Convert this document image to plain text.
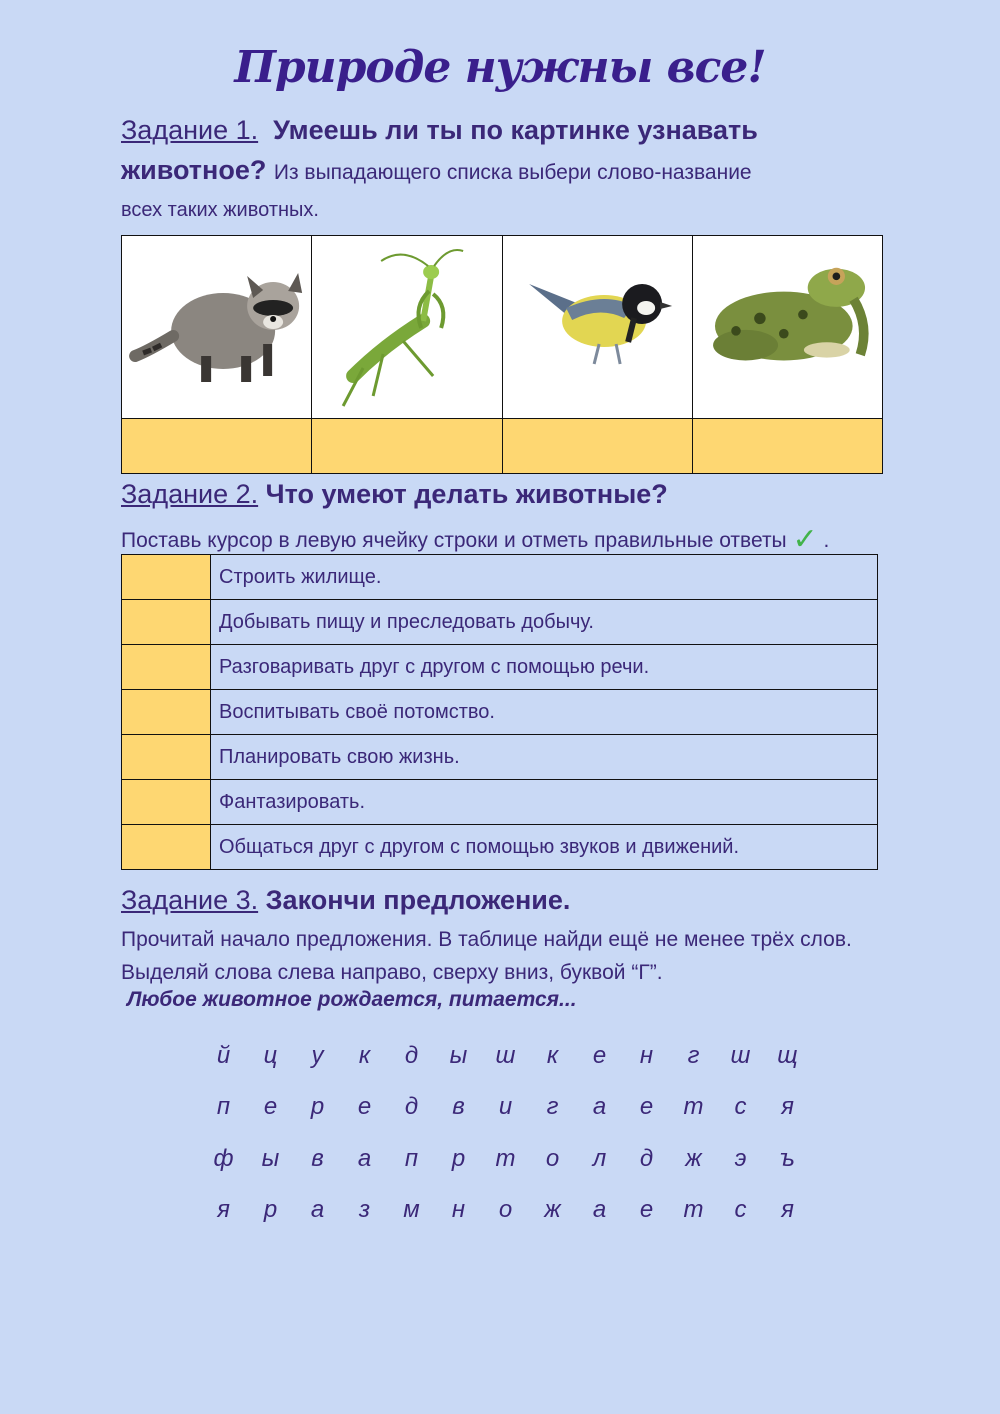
Природе нужны все!
Задание 1. Умеешь ли ты по картинке узнавать животное? Из выпадающего списка выбери слово-название
всех таких животных.

Задание 2. Что умеют делать животные?
Поставь курсор в левую ячейку строки и отметь правильные ответы ✓ .
	Строить жилище.
	Добывать пищу и преследовать добычу.
	Разговаривать друг с другом с помощью речи.
	Воспитывать своё потомство.
	Планировать свою жизнь.
	Фантазировать.
	Общаться друг с другом с помощью звуков и движений.
Задание 3. Закончи предложение.
Прочитай начало предложения. В таблице найди ещё не менее трёх слов. Выделяй слова слева направо, сверху вниз, буквой “Г”.
Любое животное рождается, питается...
й	ц	у	к	д	ы	ш	к	е	н	г	ш	щ
п	е	р	е	д	в	и	г	а	е	т	с	я
ф	ы	в	а	п	р	т	о	л	д	ж	э	ъ
я	р	а	з	м	н	о	ж	а	е	т	с	я
